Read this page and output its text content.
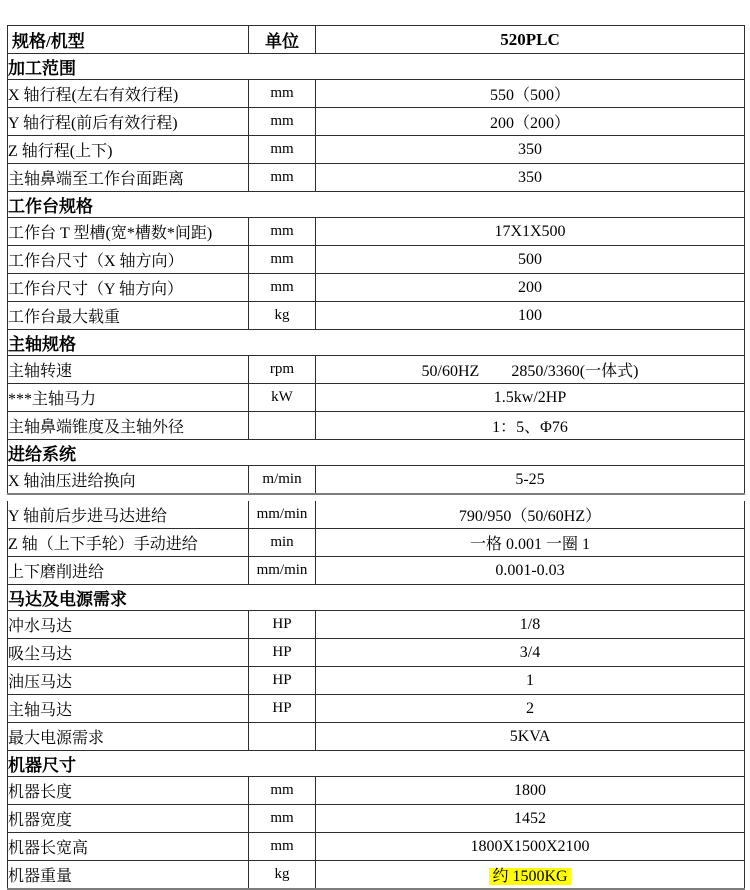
规格/机型	单位	520PLC
加工范围		
X 轴行程(左右有效行程)	mm	550（500）
Y 轴行程(前后有效行程)	mm	200（200）
Z 轴行程(上下)	mm	350
主轴鼻端至工作台面距离	mm	350
工作台规格		
工作台 T 型槽(宽*槽数*间距)	mm	17X1X500
工作台尺寸（X 轴方向）	mm	500
工作台尺寸（Y 轴方向）	mm	200
工作台最大载重	kg	100
主轴规格		
主轴转速	rpm	50/60HZ　　2850/3360(一体式)
***主轴马力	kW	1.5kw/2HP
主轴鼻端锥度及主轴外径		1：5、Φ76
进给系统		
X 轴油压进给换向	m/min	5-25
Y 轴前后步进马达进给	mm/min	790/950（50/60HZ）
Z 轴（上下手轮）手动进给	min	一格 0.001 一圈 1
上下磨削进给	mm/min	0.001-0.03
马达及电源需求		
冲水马达	HP	1/8
吸尘马达	HP	3/4
油压马达	HP	1
主轴马达	HP	2
最大电源需求		5KVA
机器尺寸		
机器长度	mm	1800
机器宽度	mm	1452
机器长宽高	mm	1800X1500X2100
机器重量	kg	约 1500KG
